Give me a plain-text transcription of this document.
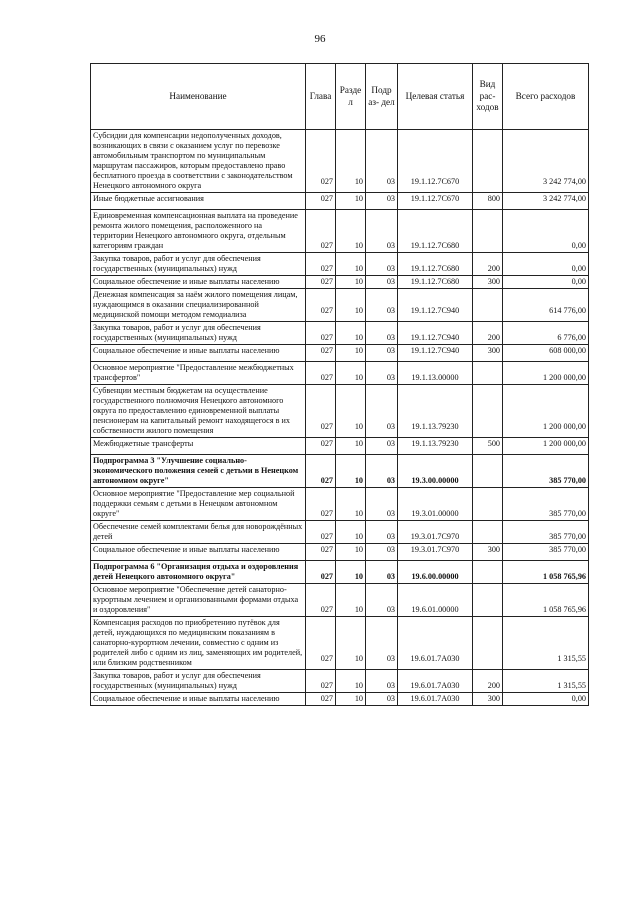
96
Наименование	Глава	Разде л	Подр аз- дел	Целевая статья	Вид рас- ходов	Всего расходов
Субсидии для компенсации недополученных доходов, возникающих в связи с оказанием услуг по перевозке автомобильным транспортом по муниципальным маршрутам пассажиров, которым предоставлено право бесплатного проезда в соответствии с законодательством Ненецкого автономного округа	027	10	03	19.1.12.7С670		3 242 774,00
Иные бюджетные ассигнования	027	10	03	19.1.12.7С670	800	3 242 774,00
Единовременная компенсационная выплата на проведение ремонта жилого помещения, расположенного на территории Ненецкого автономного округа, отдельным категориям граждан	027	10	03	19.1.12.7С680		0,00
Закупка товаров, работ и услуг для обеспечения государственных (муниципальных) нужд	027	10	03	19.1.12.7С680	200	0,00
Социальное обеспечение и иные выплаты населению	027	10	03	19.1.12.7С680	300	0,00
Денежная компенсация за наём жилого помещения лицам, нуждающимся в оказании специализированной медицинской помощи методом гемодиализа	027	10	03	19.1.12.7С940		614 776,00
Закупка товаров, работ и услуг для обеспечения государственных (муниципальных) нужд	027	10	03	19.1.12.7С940	200	6 776,00
Социальное обеспечение и иные выплаты населению	027	10	03	19.1.12.7С940	300	608 000,00
Основное мероприятие "Предоставление межбюджетных трансфертов"	027	10	03	19.1.13.00000		1 200 000,00
Субвенции местным бюджетам на осуществление государственного полномочия Ненецкого автономного округа по предоставлению единовременной выплаты пенсионерам на капитальный ремонт находящегося в их собственности жилого помещения	027	10	03	19.1.13.79230		1 200 000,00
Межбюджетные трансферты	027	10	03	19.1.13.79230	500	1 200 000,00
Подпрограмма 3 "Улучшение социально-экономического положения семей с детьми в Ненецком автономном округе"	027	10	03	19.3.00.00000		385 770,00
Основное мероприятие "Предоставление мер социальной поддержки семьям с детьми в Ненецком автономном округе"	027	10	03	19.3.01.00000		385 770,00
Обеспечение семей комплектами белья для новорождённых детей	027	10	03	19.3.01.7С970		385 770,00
Социальное обеспечение и иные выплаты населению	027	10	03	19.3.01.7С970	300	385 770,00
Подпрограмма 6 "Организация отдыха и оздоровления детей Ненецкого автономного округа"	027	10	03	19.6.00.00000		1 058 765,96
Основное мероприятие "Обеспечение детей санаторно-курортным лечением и организованными формами отдыха и оздоровления"	027	10	03	19.6.01.00000		1 058 765,96
Компенсация расходов по приобретению путёвок для детей, нуждающихся по медицинским показаниям в санаторно-курортном лечении, совместно с одним из родителей либо с одним из лиц, заменяющих им родителей, или близким родственником	027	10	03	19.6.01.7А030		1 315,55
Закупка товаров, работ и услуг для обеспечения государственных (муниципальных) нужд	027	10	03	19.6.01.7А030	200	1 315,55
Социальное обеспечение и иные выплаты населению	027	10	03	19.6.01.7А030	300	0,00
